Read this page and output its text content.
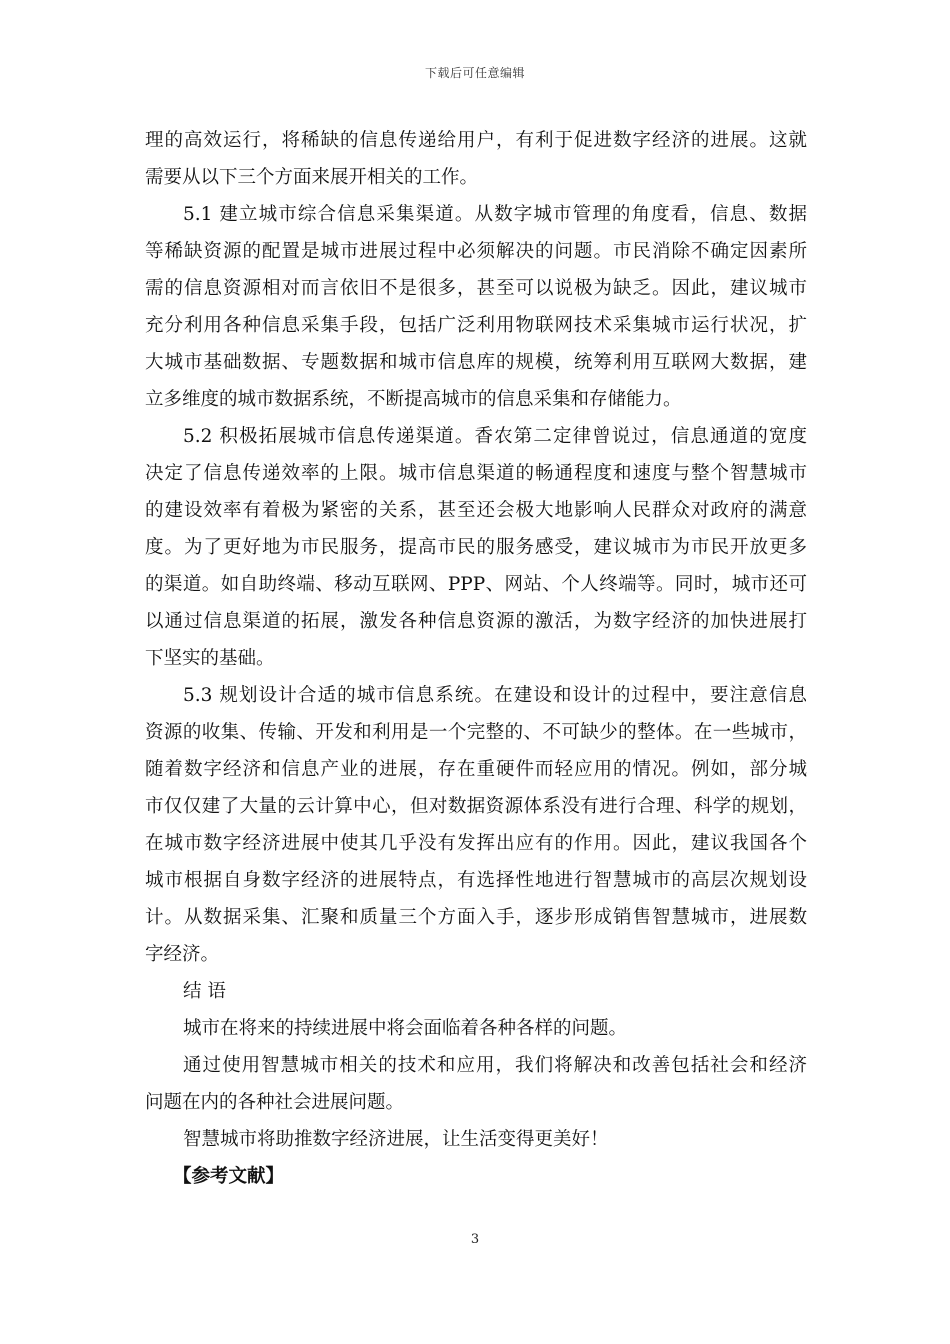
下载后可任意编辑
理的高效运行，将稀缺的信息传递给用户，有利于促进数字经济的进展。这就
需要从以下三个方面来展开相关的工作。
5.1 建立城市综合信息采集渠道。从数字城市管理的角度看，信息、数据
等稀缺资源的配置是城市进展过程中必须解决的问题。市民消除不确定因素所
需的信息资源相对而言依旧不是很多，甚至可以说极为缺乏。因此，建议城市
充分利用各种信息采集手段，包括广泛利用物联网技术采集城市运行状况，扩
大城市基础数据、专题数据和城市信息库的规模，统筹利用互联网大数据，建
立多维度的城市数据系统，不断提高城市的信息采集和存储能力。
5.2 积极拓展城市信息传递渠道。香农第二定律曾说过，信息通道的宽度
决定了信息传递效率的上限。城市信息渠道的畅通程度和速度与整个智慧城市
的建设效率有着极为紧密的关系，甚至还会极大地影响人民群众对政府的满意
度。为了更好地为市民服务，提高市民的服务感受，建议城市为市民开放更多
的渠道。如自助终端、移动互联网、PPP、网站、个人终端等。同时，城市还可
以通过信息渠道的拓展，激发各种信息资源的激活，为数字经济的加快进展打
下坚实的基础。
5.3 规划设计合适的城市信息系统。在建设和设计的过程中，要注意信息
资源的收集、传输、开发和利用是一个完整的、不可缺少的整体。在一些城市，
随着数字经济和信息产业的进展，存在重硬件而轻应用的情况。例如，部分城
市仅仅建了大量的云计算中心，但对数据资源体系没有进行合理、科学的规划，
在城市数字经济进展中使其几乎没有发挥出应有的作用。因此，建议我国各个
城市根据自身数字经济的进展特点，有选择性地进行智慧城市的高层次规划设
计。从数据采集、汇聚和质量三个方面入手，逐步形成销售智慧城市，进展数
字经济。
结 语
城市在将来的持续进展中将会面临着各种各样的问题。
通过使用智慧城市相关的技术和应用，我们将解决和改善包括社会和经济
问题在内的各种社会进展问题。
智慧城市将助推数字经济进展，让生活变得更美好！
【参考文献】
3
